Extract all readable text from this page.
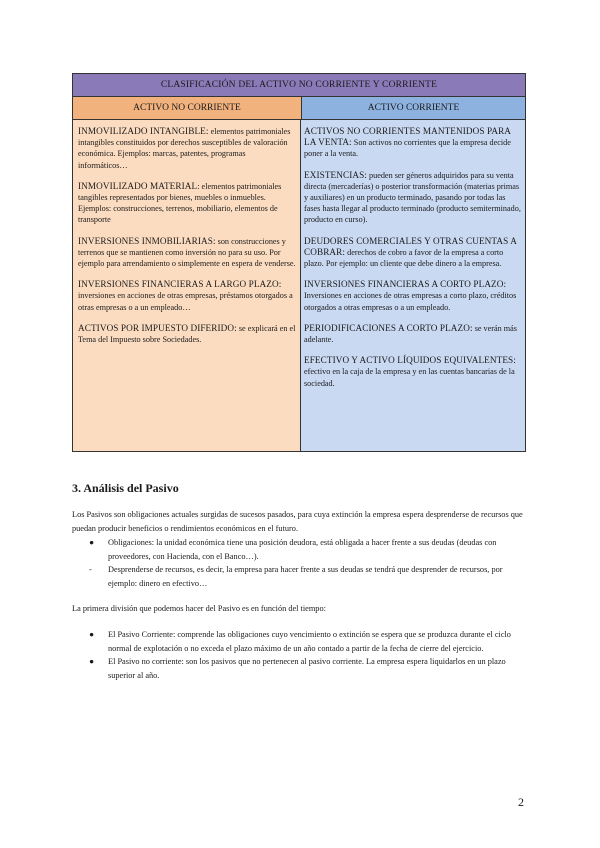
CLASIFICACIÓN DEL ACTIVO NO CORRIENTE Y CORRIENTE
ACTIVO NO CORRIENTE	ACTIVO CORRIENTE

INMOVILIZADO INTANGIBLE: elementos patrimoniales intangibles constituidos por derechos susceptibles de valoración económica. Ejemplos: marcas, patentes, programas informáticos…

INMOVILIZADO MATERIAL: elementos patrimoniales tangibles representados por bienes, muebles o inmuebles. Ejemplos: construcciones, terrenos, mobiliario, elementos de transporte

INVERSIONES INMOBILIARIAS: son construcciones y terrenos que se mantienen como inversión no para su uso. Por ejemplo para arrendamiento o simplemente en espera de venderse.

INVERSIONES FINANCIERAS A LARGO PLAZO: inversiones en acciones de otras empresas, préstamos otorgados a otras empresas o a un empleado…

ACTIVOS POR IMPUESTO DIFERIDO: se explicará en el Tema del Impuesto sobre Sociedades.

ACTIVOS NO CORRIENTES MANTENIDOS PARA LA VENTA: Son activos no corrientes que la empresa decide poner a la venta.

EXISTENCIAS: pueden ser géneros adquiridos para su venta directa (mercaderías) o posterior transformación (materias primas y auxiliares) en un producto terminado, pasando por todas las fases hasta llegar al producto terminado (producto semiterminado, producto en curso).

DEUDORES COMERCIALES Y OTRAS CUENTAS A COBRAR: derechos de cobro a favor de la empresa a corto plazo. Por ejemplo: un cliente que debe dinero a la empresa.

INVERSIONES FINANCIERAS A CORTO PLAZO: Inversiones en acciones de otras empresas a corto plazo, créditos otorgados a otras empresas o a un empleado.

PERIODIFICACIONES A CORTO PLAZO: se verán más adelante.

EFECTIVO Y ACTIVO LÍQUIDOS EQUIVALENTES: efectivo en la caja de la empresa y en las cuentas bancarias de la sociedad.

3. Análisis del Pasivo

Los Pasivos son obligaciones actuales surgidas de sucesos pasados, para cuya extinción la empresa espera desprenderse de recursos que puedan producir beneficios o rendimientos económicos en el futuro.

● Obligaciones: la unidad económica tiene una posición deudora, está obligada a hacer frente a sus deudas (deudas con proveedores, con Hacienda, con el Banco…).
- Desprenderse de recursos, es decir, la empresa para hacer frente a sus deudas se tendrá que desprender de recursos, por ejemplo: dinero en efectivo…

La primera división que podemos hacer del Pasivo es en función del tiempo:

● El Pasivo Corriente: comprende las obligaciones cuyo vencimiento o extinción se espera que se produzca durante el ciclo normal de explotación o no exceda el plazo máximo de un año contado a partir de la fecha de cierre del ejercicio.
● El Pasivo no corriente: son los pasivos que no pertenecen al pasivo corriente. La empresa espera liquidarlos en un plazo superior al año.
2
